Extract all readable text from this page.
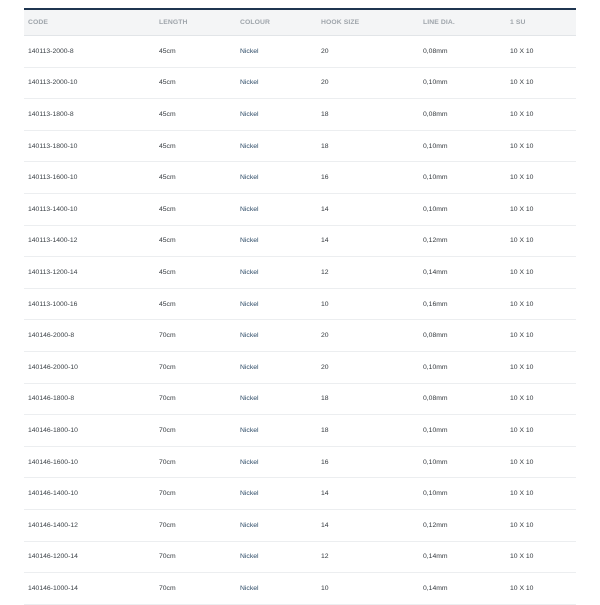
CODE	LENGTH	COLOUR	HOOK SIZE	LINE DIA.	1 SU
140113-2000-8	45cm	Nickel	20	0,08mm	10 X 10
140113-2000-10	45cm	Nickel	20	0,10mm	10 X 10
140113-1800-8	45cm	Nickel	18	0,08mm	10 X 10
140113-1800-10	45cm	Nickel	18	0,10mm	10 X 10
140113-1600-10	45cm	Nickel	16	0,10mm	10 X 10
140113-1400-10	45cm	Nickel	14	0,10mm	10 X 10
140113-1400-12	45cm	Nickel	14	0,12mm	10 X 10
140113-1200-14	45cm	Nickel	12	0,14mm	10 X 10
140113-1000-16	45cm	Nickel	10	0,16mm	10 X 10
140146-2000-8	70cm	Nickel	20	0,08mm	10 X 10
140146-2000-10	70cm	Nickel	20	0,10mm	10 X 10
140146-1800-8	70cm	Nickel	18	0,08mm	10 X 10
140146-1800-10	70cm	Nickel	18	0,10mm	10 X 10
140146-1600-10	70cm	Nickel	16	0,10mm	10 X 10
140146-1400-10	70cm	Nickel	14	0,10mm	10 X 10
140146-1400-12	70cm	Nickel	14	0,12mm	10 X 10
140146-1200-14	70cm	Nickel	12	0,14mm	10 X 10
140146-1000-14	70cm	Nickel	10	0,14mm	10 X 10
